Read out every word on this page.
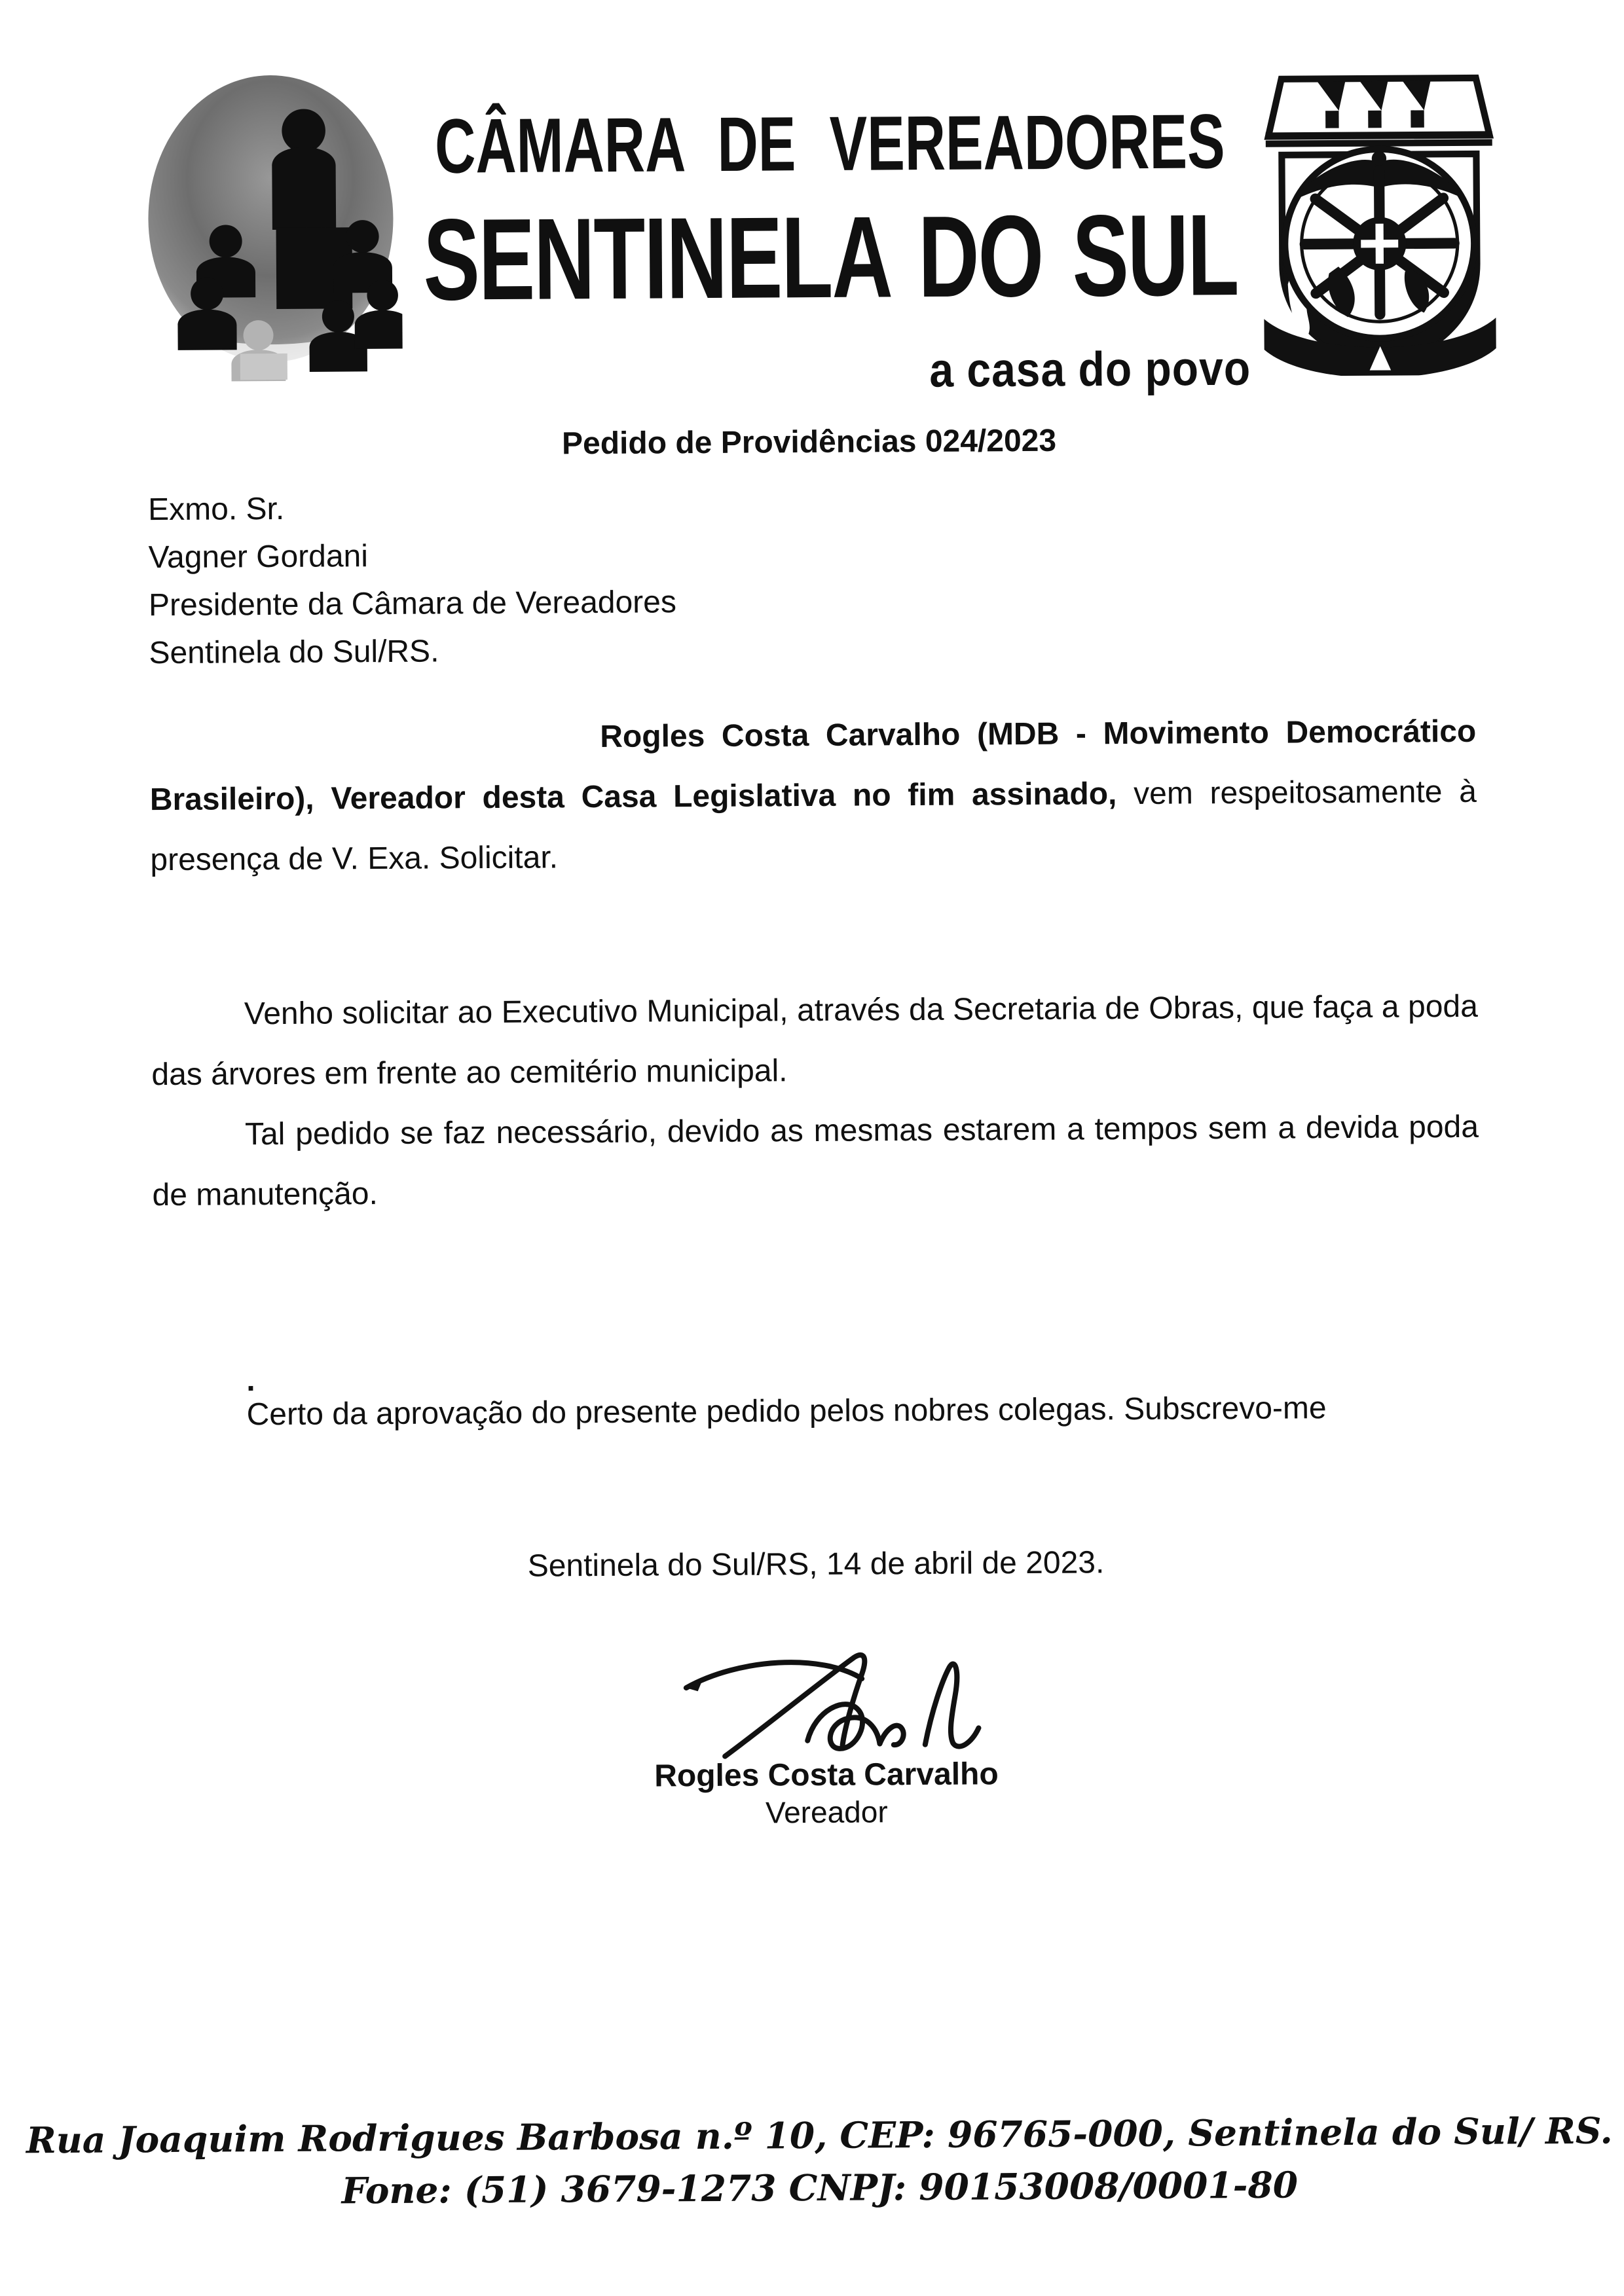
CÂMARA DE VEREADORES
SENTINELA DO SUL
a casa do povo
Pedido de Providências 024/2023
Exmo. Sr.
Vagner Gordani
Presidente da Câmara de Vereadores
Sentinela do Sul/RS.
Rogles Costa Carvalho (MDB - Movimento Democrático Brasileiro), Vereador desta Casa Legislativa no fim assinado, vem respeitosamente à presença de V. Exa. Solicitar.

Venho solicitar ao Executivo Municipal, através da Secretaria de Obras, que faça a poda das árvores em frente ao cemitério municipal.

Tal pedido se faz necessário, devido as mesmas estarem a tempos sem a devida poda de manutenção.

.
Certo da aprovação do presente pedido pelos nobres colegas. Subscrevo-me
Sentinela do Sul/RS, 14 de abril de 2023.
Rogles Costa Carvalho
Vereador
Rua Joaquim Rodrigues Barbosa n.º 10, CEP: 96765-000, Sentinela do Sul/ RS.
Fone: (51) 3679-1273 CNPJ: 90153008/0001-80
